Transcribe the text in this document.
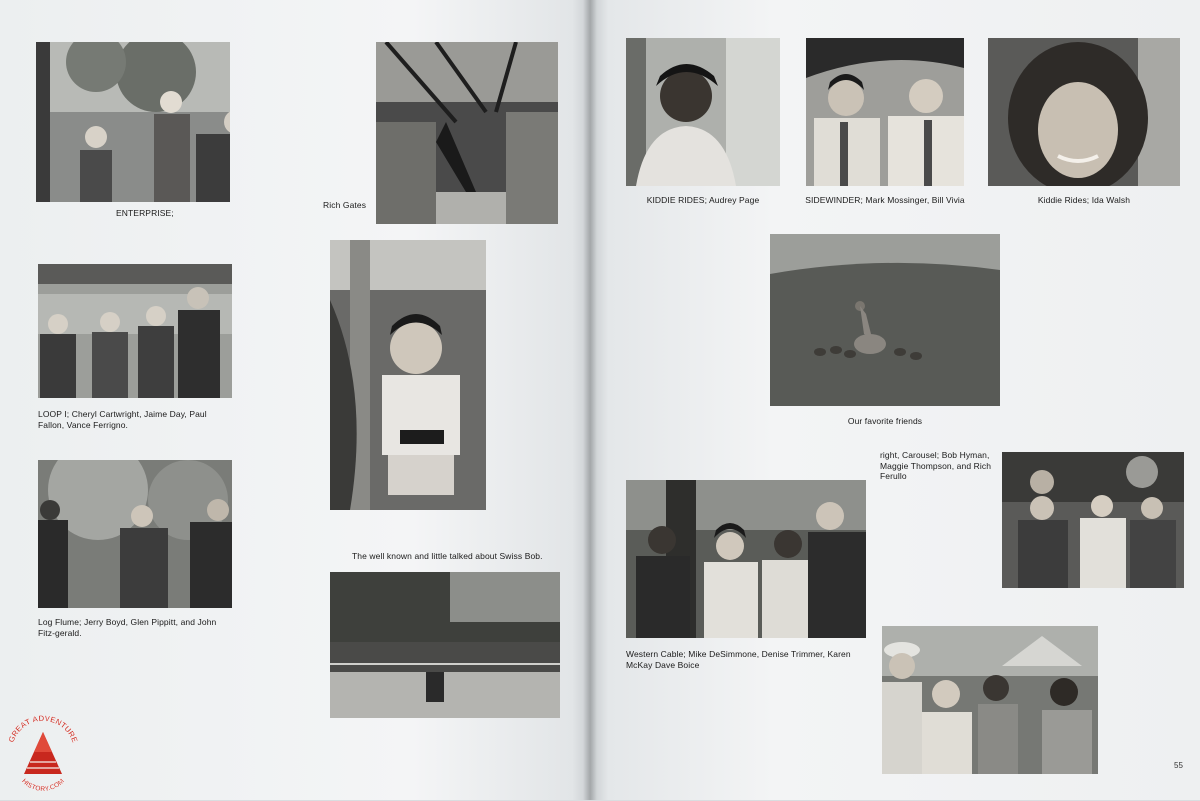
ENTERPRISE;
Rich Gates
LOOP I; Cheryl Cartwright, Jaime Day, Paul Fallon, Vance Ferrigno.
The well known and little talked about Swiss Bob.
Log Flume; Jerry Boyd, Glen Pippitt, and John Fitz-gerald.
KIDDIE RIDES; Audrey Page	SIDEWINDER; Mark Mossinger, Bill Vivia	Kiddie Rides; Ida Walsh
Our favorite friends
right, Carousel; Bob Hyman, Maggie Thompson, and Rich Ferullo
Western Cable; Mike DeSimmone, Denise Trimmer, Karen McKay Dave Boice
55
GREAT ADVENTURE
HISTORY.COM
